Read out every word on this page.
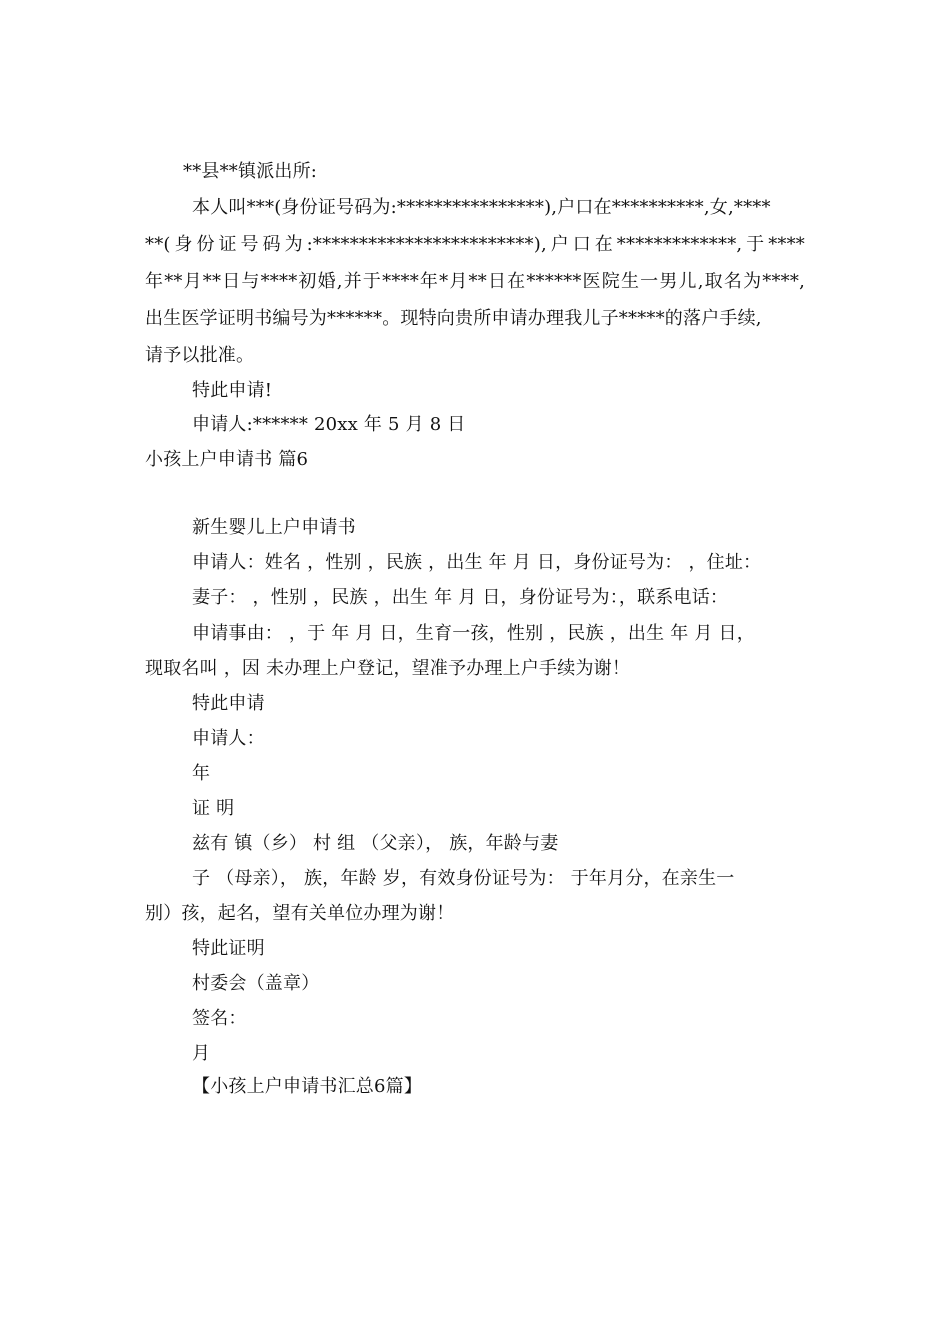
**县**镇派出所:
本人叫***(身份证号码为:****************),户口在**********,女,****
**(身份证号码为:************************),户口在*************,于****
年**月**日与****初婚,并于****年*月**日在******医院生一男儿,取名为****,
出生医学证明书编号为******。现特向贵所申请办理我儿子*****的落户手续,
请予以批准。
特此申请!
申请人:****** 20xx 年 5 月 8 日
小孩上户申请书 篇6
新生婴儿上户申请书
申请人：姓名 ，性别 ，民族 ，出生 年 月 日，身份证号为： ，住址：
妻子： ，性别 ，民族 ，出生 年 月 日，身份证号为：，联系电话：
申请事由： ，于 年 月 日，生育一孩，性别 ，民族 ，出生 年 月 日，
现取名叫 ，因 未办理上户登记，望准予办理上户手续为谢！
特此申请
申请人：
年
证 明
兹有 镇（乡） 村 组 （父亲）， 族，年龄与妻
子 （母亲）， 族，年龄 岁，有效身份证号为： 于年月分，在亲生一
别）孩，起名，望有关单位办理为谢！
特此证明
村委会（盖章）
签名：
月
【小孩上户申请书汇总6篇】
